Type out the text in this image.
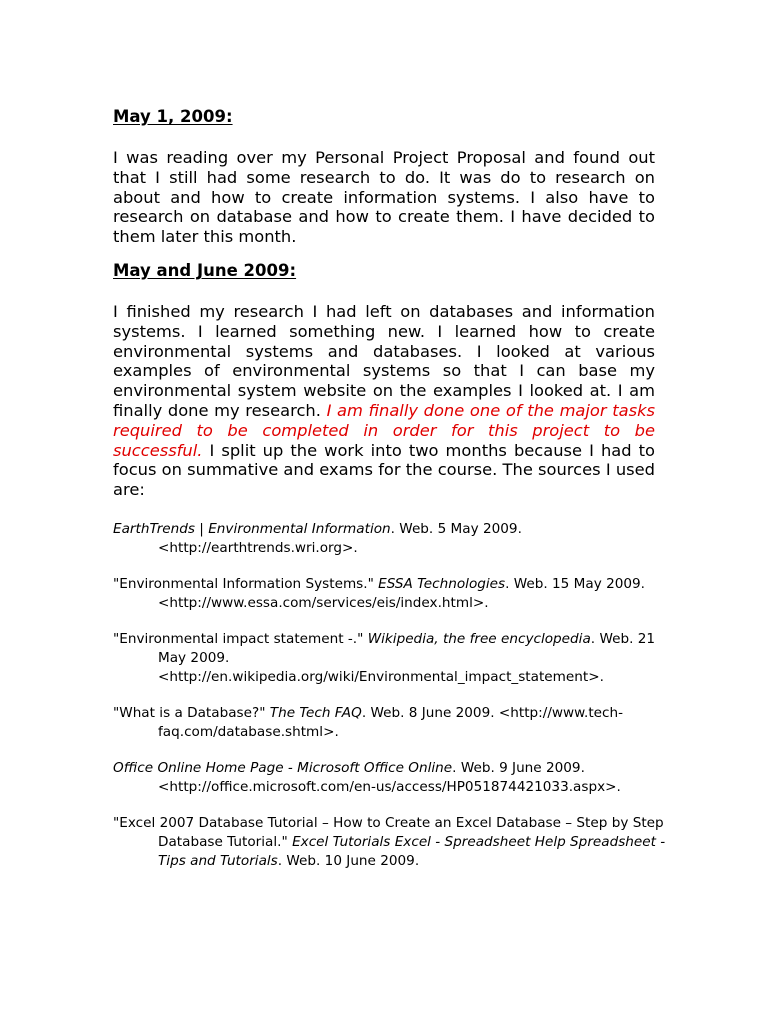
May 1, 2009:

I was reading over my Personal Project Proposal and found out that I still had some research to do. It was do to research on about and how to create information systems. I also have to research on database and how to create them. I have decided to them later this month.

May and June 2009:

I finished my research I had left on databases and information systems. I learned something new. I learned how to create environmental systems and databases. I looked at various examples of environmental systems so that I can base my environmental system website on the examples I looked at. I am finally done my research. I am finally done one of the major tasks required to be completed in order for this project to be successful. I split up the work into two months because I had to focus on summative and exams for the course. The sources I used are:

EarthTrends | Environmental Information. Web. 5 May 2009. <http://earthtrends.wri.org>.

"Environmental Information Systems." ESSA Technologies. Web. 15 May 2009. <http://www.essa.com/services/eis/index.html>.

"Environmental impact statement -." Wikipedia, the free encyclopedia. Web. 21 May 2009. <http://en.wikipedia.org/wiki/Environmental_impact_statement>.

"What is a Database?" The Tech FAQ. Web. 8 June 2009. <http://www.tech-faq.com/database.shtml>.

Office Online Home Page - Microsoft Office Online. Web. 9 June 2009. <http://office.microsoft.com/en-us/access/HP051874421033.aspx>.

"Excel 2007 Database Tutorial – How to Create an Excel Database – Step by Step Database Tutorial." Excel Tutorials Excel - Spreadsheet Help Spreadsheet - Tips and Tutorials. Web. 10 June 2009.
